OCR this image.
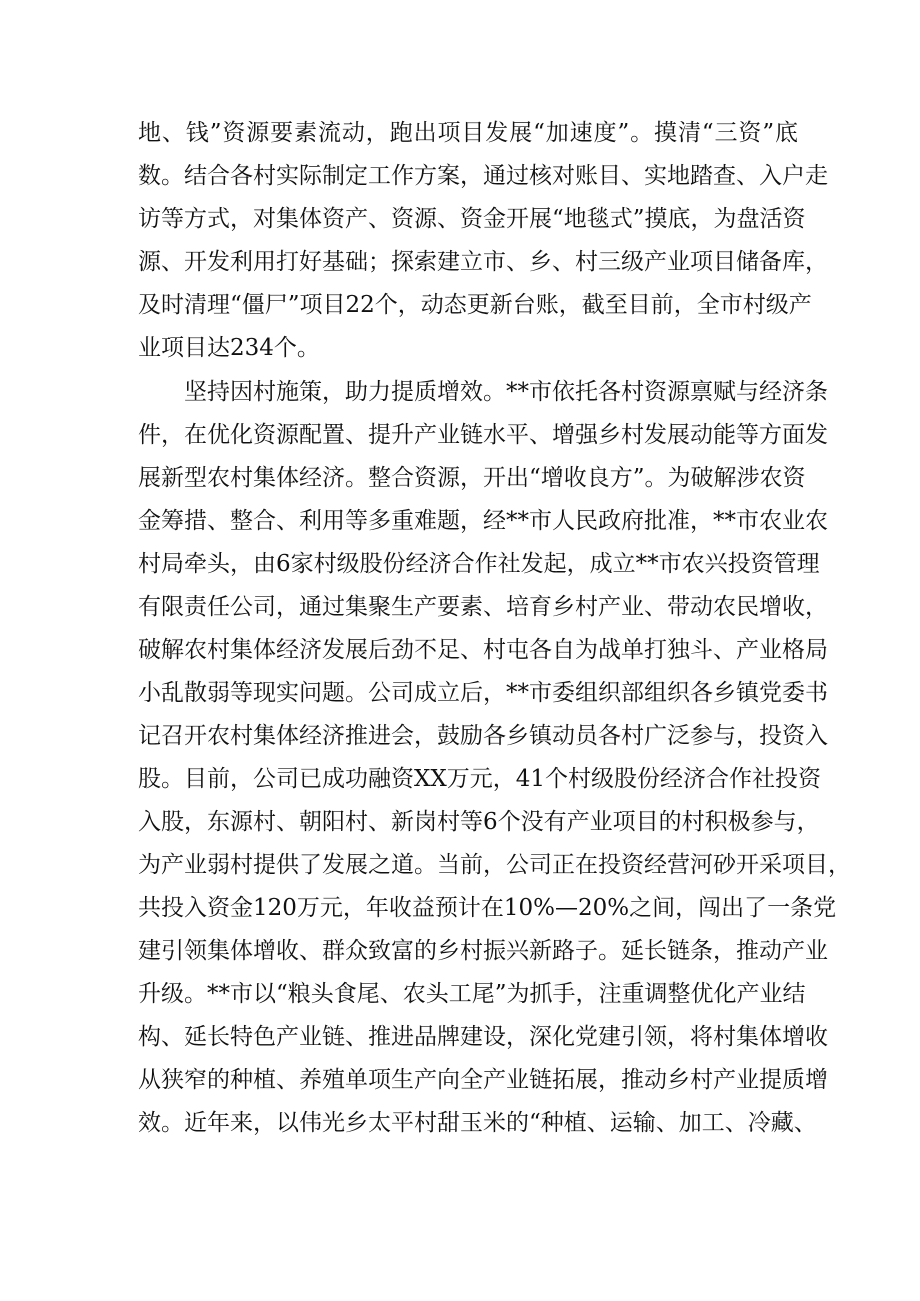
地、钱”资源要素流动，跑出项目发展“加速度”。摸清“三资”底
数。结合各村实际制定工作方案，通过核对账目、实地踏查、入户走
访等方式，对集体资产、资源、资金开展“地毯式”摸底，为盘活资
源、开发利用打好基础；探索建立市、乡、村三级产业项目储备库，
及时清理“僵尸”项目22个，动态更新台账，截至目前，全市村级产
业项目达234个。
坚持因村施策，助力提质增效。**市依托各村资源禀赋与经济条
件，在优化资源配置、提升产业链水平、增强乡村发展动能等方面发
展新型农村集体经济。整合资源，开出“增收良方”。为破解涉农资
金筹措、整合、利用等多重难题，经**市人民政府批准，**市农业农
村局牵头，由6家村级股份经济合作社发起，成立**市农兴投资管理
有限责任公司，通过集聚生产要素、培育乡村产业、带动农民增收，
破解农村集体经济发展后劲不足、村屯各自为战单打独斗、产业格局
小乱散弱等现实问题。公司成立后，**市委组织部组织各乡镇党委书
记召开农村集体经济推进会，鼓励各乡镇动员各村广泛参与，投资入
股。目前，公司已成功融资XX万元，41个村级股份经济合作社投资
入股，东源村、朝阳村、新岗村等6个没有产业项目的村积极参与，
为产业弱村提供了发展之道。当前，公司正在投资经营河砂开采项目，
共投入资金120万元，年收益预计在10%—20%之间，闯出了一条党
建引领集体增收、群众致富的乡村振兴新路子。延长链条，推动产业
升级。**市以“粮头食尾、农头工尾”为抓手，注重调整优化产业结
构、延长特色产业链、推进品牌建设，深化党建引领，将村集体增收
从狭窄的种植、养殖单项生产向全产业链拓展，推动乡村产业提质增
效。近年来，以伟光乡太平村甜玉米的“种植、运输、加工、冷藏、
